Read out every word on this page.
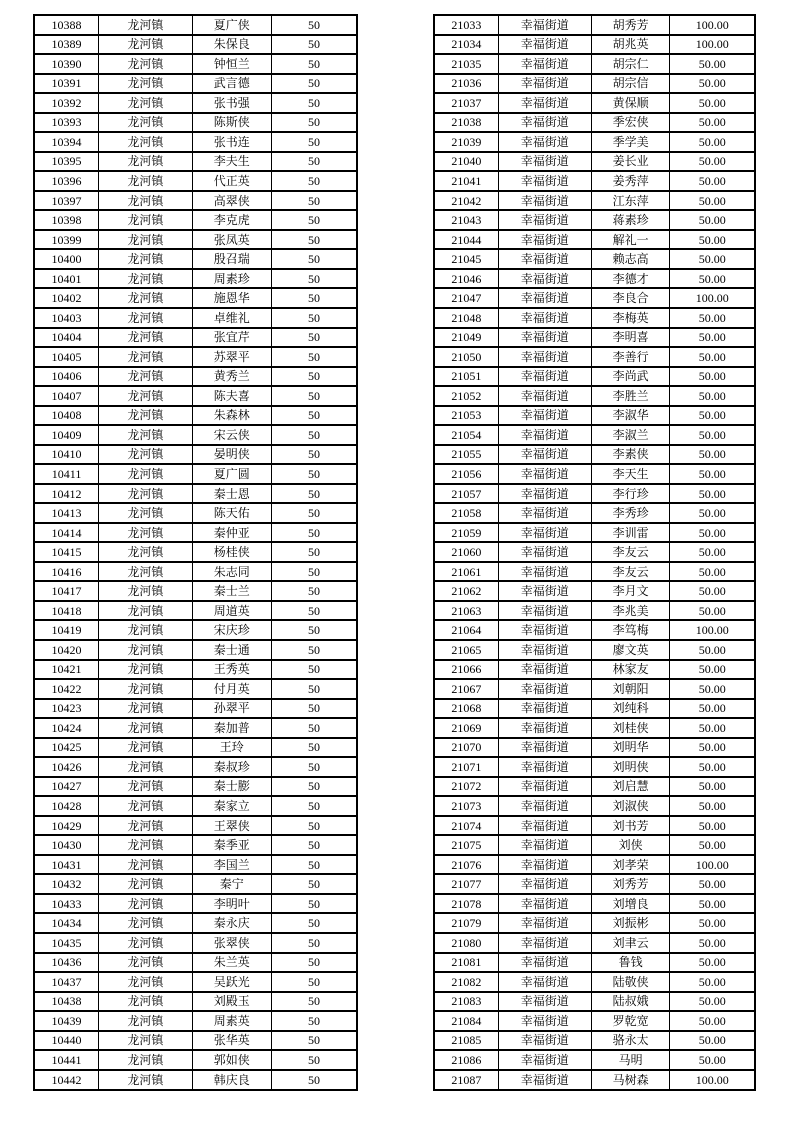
10388	龙河镇	夏广侠	50
10389	龙河镇	朱保良	50
10390	龙河镇	钟恒兰	50
10391	龙河镇	武言德	50
10392	龙河镇	张书强	50
10393	龙河镇	陈斯侠	50
10394	龙河镇	张书连	50
10395	龙河镇	李夫生	50
10396	龙河镇	代正英	50
10397	龙河镇	高翠侠	50
10398	龙河镇	李克虎	50
10399	龙河镇	张凤英	50
10400	龙河镇	殷召瑞	50
10401	龙河镇	周素珍	50
10402	龙河镇	施恩华	50
10403	龙河镇	卓维礼	50
10404	龙河镇	张宜芹	50
10405	龙河镇	苏翠平	50
10406	龙河镇	黄秀兰	50
10407	龙河镇	陈夫喜	50
10408	龙河镇	朱森林	50
10409	龙河镇	宋云侠	50
10410	龙河镇	晏明侠	50
10411	龙河镇	夏广圆	50
10412	龙河镇	秦士恩	50
10413	龙河镇	陈天佑	50
10414	龙河镇	秦仲亚	50
10415	龙河镇	杨桂侠	50
10416	龙河镇	朱志同	50
10417	龙河镇	秦士兰	50
10418	龙河镇	周道英	50
10419	龙河镇	宋庆珍	50
10420	龙河镇	秦士通	50
10421	龙河镇	王秀英	50
10422	龙河镇	付月英	50
10423	龙河镇	孙翠平	50
10424	龙河镇	秦加普	50
10425	龙河镇	王玲	50
10426	龙河镇	秦叔珍	50
10427	龙河镇	秦士膨	50
10428	龙河镇	秦家立	50
10429	龙河镇	王翠侠	50
10430	龙河镇	秦季亚	50
10431	龙河镇	李国兰	50
10432	龙河镇	秦宁	50
10433	龙河镇	李明叶	50
10434	龙河镇	秦永庆	50
10435	龙河镇	张翠侠	50
10436	龙河镇	朱兰英	50
10437	龙河镇	吴跃光	50
10438	龙河镇	刘殿玉	50
10439	龙河镇	周素英	50
10440	龙河镇	张华英	50
10441	龙河镇	郭如侠	50
10442	龙河镇	韩庆良	50
21033	幸福街道	胡秀芳	100.00
21034	幸福街道	胡兆英	100.00
21035	幸福街道	胡宗仁	50.00
21036	幸福街道	胡宗信	50.00
21037	幸福街道	黄保顺	50.00
21038	幸福街道	季宏侠	50.00
21039	幸福街道	季学美	50.00
21040	幸福街道	姜长业	50.00
21041	幸福街道	姜秀萍	50.00
21042	幸福街道	江东萍	50.00
21043	幸福街道	蒋素珍	50.00
21044	幸福街道	解礼一	50.00
21045	幸福街道	赖志高	50.00
21046	幸福街道	李德才	50.00
21047	幸福街道	李良合	100.00
21048	幸福街道	李梅英	50.00
21049	幸福街道	李明喜	50.00
21050	幸福街道	李善行	50.00
21051	幸福街道	李尚武	50.00
21052	幸福街道	李胜兰	50.00
21053	幸福街道	李淑华	50.00
21054	幸福街道	李淑兰	50.00
21055	幸福街道	李素侠	50.00
21056	幸福街道	李天生	50.00
21057	幸福街道	李行珍	50.00
21058	幸福街道	李秀珍	50.00
21059	幸福街道	李训雷	50.00
21060	幸福街道	李友云	50.00
21061	幸福街道	李友云	50.00
21062	幸福街道	李月文	50.00
21063	幸福街道	李兆美	50.00
21064	幸福街道	李笃梅	100.00
21065	幸福街道	廖文英	50.00
21066	幸福街道	林家友	50.00
21067	幸福街道	刘朝阳	50.00
21068	幸福街道	刘纯科	50.00
21069	幸福街道	刘桂侠	50.00
21070	幸福街道	刘明华	50.00
21071	幸福街道	刘明侠	50.00
21072	幸福街道	刘启慧	50.00
21073	幸福街道	刘淑侠	50.00
21074	幸福街道	刘书芳	50.00
21075	幸福街道	刘侠	50.00
21076	幸福街道	刘孝荣	100.00
21077	幸福街道	刘秀芳	50.00
21078	幸福街道	刘增良	50.00
21079	幸福街道	刘振彬	50.00
21080	幸福街道	刘聿云	50.00
21081	幸福街道	鲁钱	50.00
21082	幸福街道	陆敬侠	50.00
21083	幸福街道	陆叔娥	50.00
21084	幸福街道	罗乾宽	50.00
21085	幸福街道	骆永太	50.00
21086	幸福街道	马明	50.00
21087	幸福街道	马树森	100.00
